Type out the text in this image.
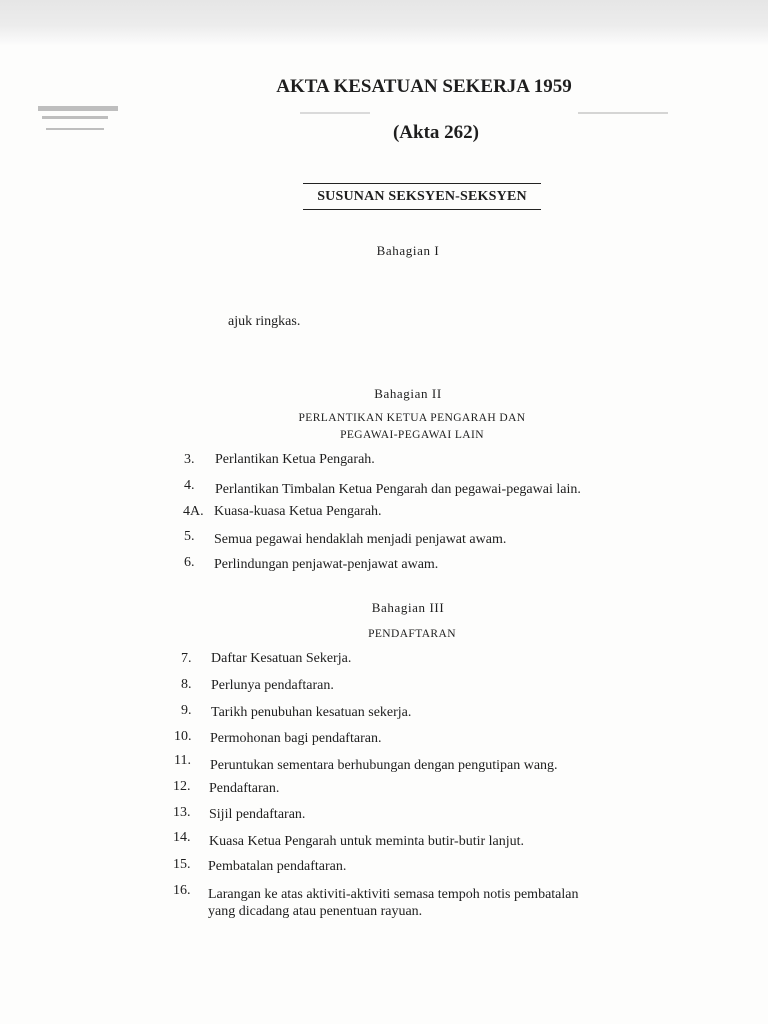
AKTA KESATUAN SEKERJA 1959
(Akta 262)
SUSUNAN SEKSYEN-SEKSYEN
Bahagian I
ajuk ringkas.
Bahagian II
PERLANTIKAN KETUA PENGARAH DAN
PEGAWAI-PEGAWAI LAIN
3. Perlantikan Ketua Pengarah.
4. Perlantikan Timbalan Ketua Pengarah dan pegawai-pegawai lain.
4A. Kuasa-kuasa Ketua Pengarah.
5. Semua pegawai hendaklah menjadi penjawat awam.
6. Perlindungan penjawat-penjawat awam.
Bahagian III
PENDAFTARAN
7. Daftar Kesatuan Sekerja.
8. Perlunya pendaftaran.
9. Tarikh penubuhan kesatuan sekerja.
10. Permohonan bagi pendaftaran.
11. Peruntukan sementara berhubungan dengan pengutipan wang.
12. Pendaftaran.
13. Sijil pendaftaran.
14. Kuasa Ketua Pengarah untuk meminta butir-butir lanjut.
15. Pembatalan pendaftaran.
16. Larangan ke atas aktiviti-aktiviti semasa tempoh notis pembatalan
yang dicadang atau penentuan rayuan.
